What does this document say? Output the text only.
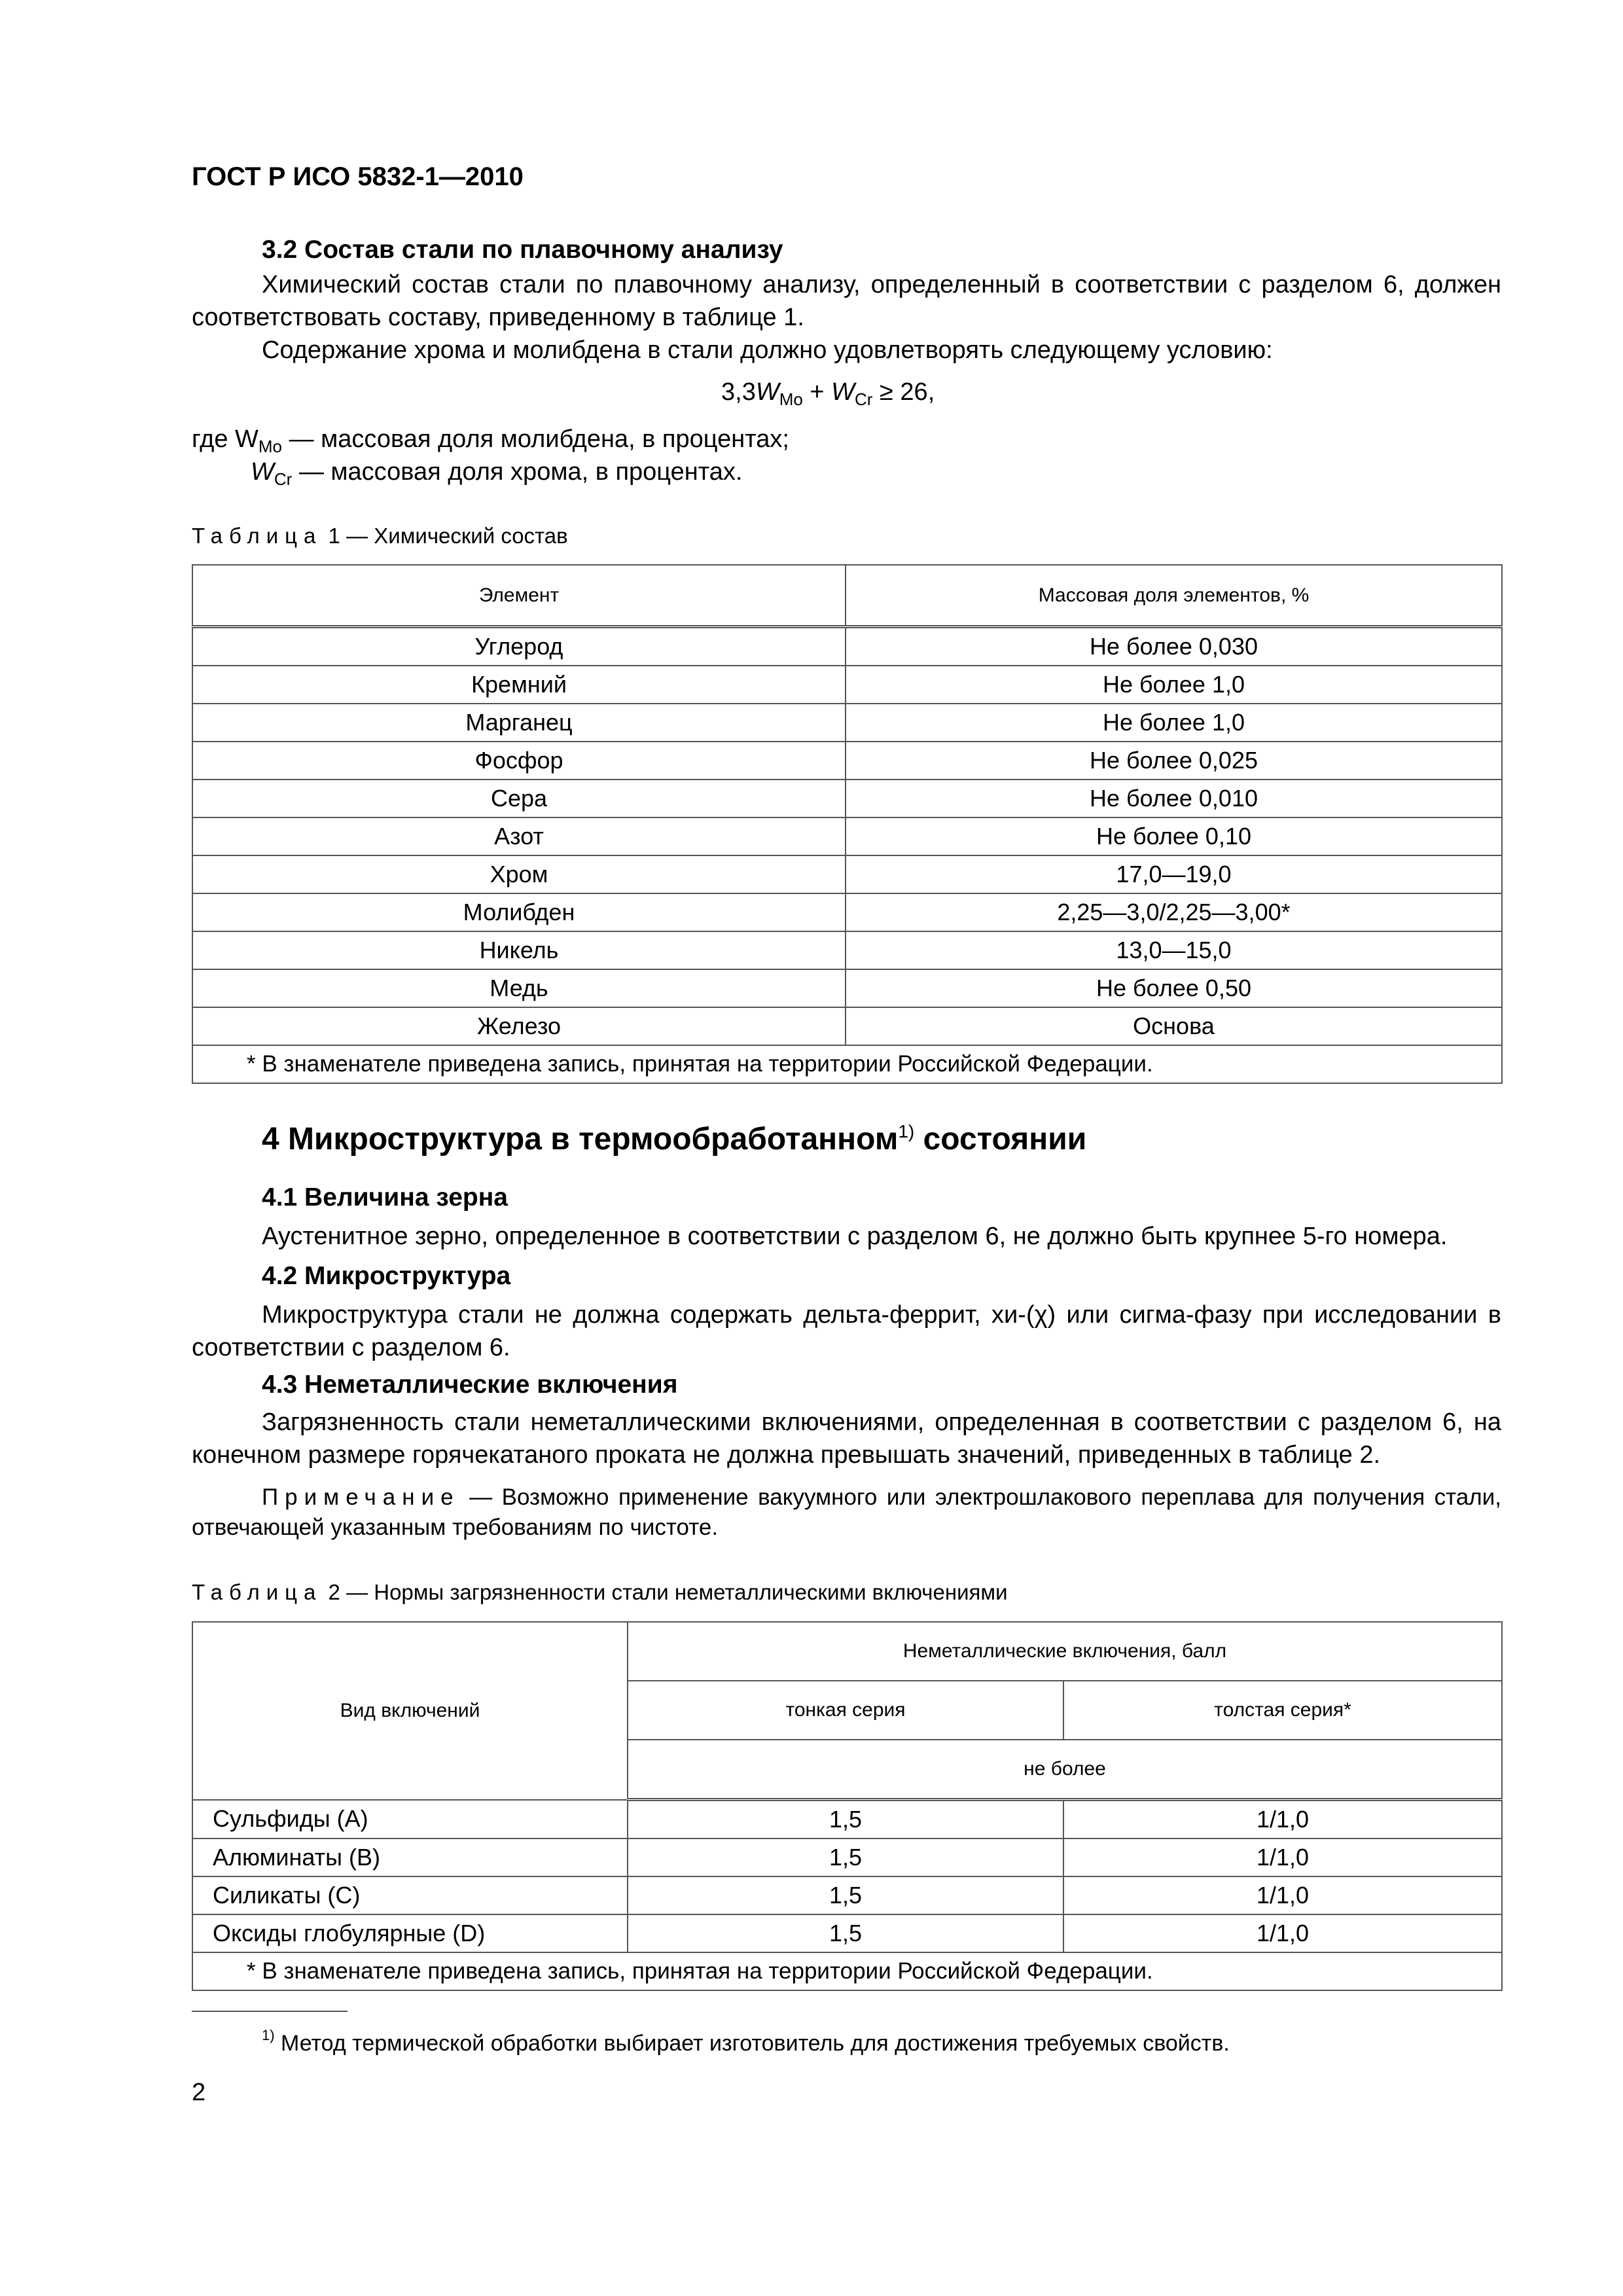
ГОСТ Р ИСО 5832-1—2010
3.2 Состав стали по плавочному анализу

Химический состав стали по плавочному анализу, определенный в соответствии с разделом 6, должен соответствовать составу, приведенному в таблице 1.

Содержание хрома и молибдена в стали должно удовлетворять следующему условию:

$3,3W_{Mo} + W_{Cr} \ge 26$,
где $W_{Mo}$ — массовая доля молибдена, в процентах;
$W_{Cr}$ — массовая доля хрома, в процентах.
Таблица 1 — Химический состав
Элемент	Массовая доля элементов, %
Углерод	Не более 0,030
Кремний	Не более 1,0
Марганец	Не более 1,0
Фосфор	Не более 0,025
Сера	Не более 0,010
Азот	Не более 0,10
Хром	17,0—19,0
Молибден	2,25—3,0/2,25—3,00*
Никель	13,0—15,0
Медь	Не более 0,50
Железо	Основа
* В знаменателе приведена запись, принятая на территории Российской Федерации.	
4 Микроструктура в термообработанном$^{1)}$ состоянии
4.1 Величина зерна

Аустенитное зерно, определенное в соответствии с разделом 6, не должно быть крупнее 5-го номера.

4.2 Микроструктура

Микроструктура стали не должна содержать дельта-феррит, хи-(χ) или сигма-фазу при исследовании в соответствии с разделом 6.

4.3 Неметаллические включения

Загрязненность стали неметаллическими включениями, определенная в соответствии с разделом 6, на конечном размере горячекатаного проката не должна превышать значений, приведенных в таблице 2.

Примечание — Возможно применение вакуумного или электрошлакового переплава для получения стали, отвечающей указанным требованиям по чистоте.

Таблица 2 — Нормы загрязненности стали неметаллическими включениями
Вид включений	Неметаллические включения, балл	
	тонкая серия	толстая серия*
	не более	
Сульфиды (А)	1,5	1/1,0
Алюминаты (В)	1,5	1/1,0
Силикаты (С)	1,5	1/1,0
Оксиды глобулярные (D)	1,5	1/1,0
* В знаменателе приведена запись, принятая на территории Российской Федерации.		
$^{1)}$ Метод термической обработки выбирает изготовитель для достижения требуемых свойств.
2
